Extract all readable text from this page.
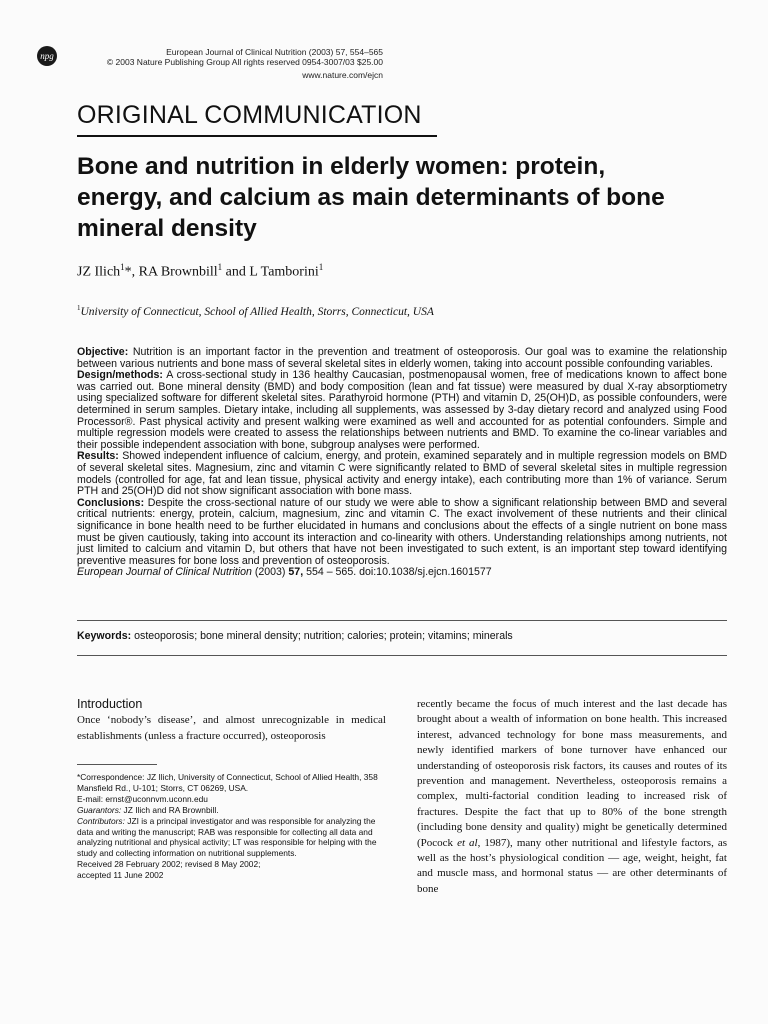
npg	European Journal of Clinical Nutrition (2003) 57, 554–565
© 2003 Nature Publishing Group All rights reserved 0954-3007/03 $25.00
www.nature.com/ejcn
ORIGINAL COMMUNICATION
Bone and nutrition in elderly women: protein, energy, and calcium as main determinants of bone mineral density
JZ Ilich$^1$*, RA Brownbill$^1$ and L Tamborini$^1$
$^1$University of Connecticut, School of Allied Health, Storrs, Connecticut, USA

Objective: Nutrition is an important factor in the prevention and treatment of osteoporosis. Our goal was to examine the relationship between various nutrients and bone mass of several skeletal sites in elderly women, taking into account possible confounding variables.

Design/methods: A cross-sectional study in 136 healthy Caucasian, postmenopausal women, free of medications known to affect bone was carried out. Bone mineral density (BMD) and body composition (lean and fat tissue) were measured by dual X-ray absorptiometry using specialized software for different skeletal sites. Parathyroid hormone (PTH) and vitamin D, 25(OH)D, as possible confounders, were determined in serum samples. Dietary intake, including all supplements, was assessed by 3-day dietary record and analyzed using Food Processor®. Past physical activity and present walking were examined as well and accounted for as potential confounders. Simple and multiple regression models were created to assess the relationships between nutrients and BMD. To examine the co-linear variables and their possible independent association with bone, subgroup analyses were performed.

Results: Showed independent influence of calcium, energy, and protein, examined separately and in multiple regression models on BMD of several skeletal sites. Magnesium, zinc and vitamin C were significantly related to BMD of several skeletal sites in multiple regression models (controlled for age, fat and lean tissue, physical activity and energy intake), each contributing more than 1% of variance. Serum PTH and 25(OH)D did not show significant association with bone mass.

Conclusions: Despite the cross-sectional nature of our study we were able to show a significant relationship between BMD and several critical nutrients: energy, protein, calcium, magnesium, zinc and vitamin C. The exact involvement of these nutrients and their clinical significance in bone health need to be further elucidated in humans and conclusions about the effects of a single nutrient on bone mass must be given cautiously, taking into account its interaction and co-linearity with others. Understanding relationships among nutrients, not just limited to calcium and vitamin D, but others that have not been investigated to such extent, is an important step toward identifying preventive measures for bone loss and prevention of osteoporosis.

European Journal of Clinical Nutrition (2003) 57, 554 – 565. doi:10.1038/sj.ejcn.1601577

Keywords: osteoporosis; bone mineral density; nutrition; calories; protein; vitamins; minerals
Introduction
Once ‘nobody’s disease’, and almost unrecognizable in medical establishments (unless a fracture occurred), osteoporosis

*Correspondence: JZ Ilich, University of Connecticut, School of Allied Health, 358 Mansfield Rd., U-101; Storrs, CT 06269, USA.

E-mail: ernst@uconnvm.uconn.edu

Guarantors: JZ Ilich and RA Brownbill.

Contributors: JZI is a principal investigator and was responsible for analyzing the data and writing the manuscript; RAB was responsible for collecting all data and analyzing nutritional and physical activity; LT was responsible for helping with the study and collecting information on nutritional supplements.

Received 28 February 2002; revised 8 May 2002;

accepted 11 June 2002

recently became the focus of much interest and the last decade has brought about a wealth of information on bone health. This increased interest, advanced technology for bone mass measurements, and newly identified markers of bone turnover have enhanced our understanding of osteoporosis risk factors, its causes and routes of its prevention and management. Nevertheless, osteoporosis remains a complex, multi-factorial condition leading to increased risk of fractures. Despite the fact that up to 80% of the bone strength (including bone density and quality) might be genetically determined (Pocock et al, 1987), many other nutritional and lifestyle factors, as well as the host’s physiological condition — age, weight, height, fat and muscle mass, and hormonal status — are other determinants of bone
